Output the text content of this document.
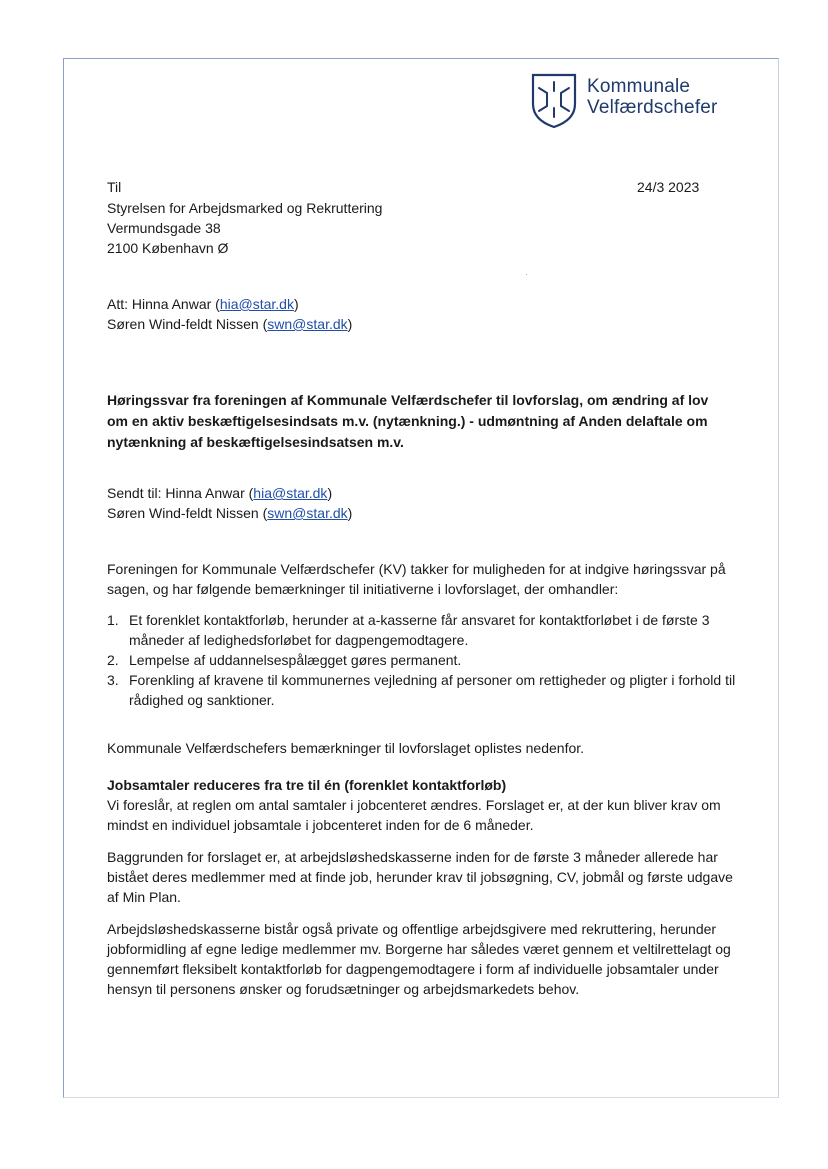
Kommunale
Velfærdschefer
24/3 2023
Til
Styrelsen for Arbejdsmarked og Rekruttering
Vermundsgade 38
2100 København Ø
Att: Hinna Anwar (hia@star.dk)
Søren Wind-feldt Nissen (swn@star.dk)
Høringssvar fra foreningen af Kommunale Velfærdschefer til lovforslag, om ændring af lov om en aktiv beskæftigelsesindsats m.v. (nytænkning.) - udmøntning af Anden delaftale om nytænkning af beskæftigelsesindsatsen m.v.
Sendt til: Hinna Anwar (hia@star.dk)
Søren Wind-feldt Nissen (swn@star.dk)
Foreningen for Kommunale Velfærdschefer (KV) takker for muligheden for at indgive høringssvar på sagen, og har følgende bemærkninger til initiativerne i lovforslaget, der omhandler:
1. Et forenklet kontaktforløb, herunder at a-kasserne får ansvaret for kontaktforløbet i de første 3 måneder af ledighedsforløbet for dagpengemodtagere.
2. Lempelse af uddannelsespålægget gøres permanent.
3. Forenkling af kravene til kommunernes vejledning af personer om rettigheder og pligter i forhold til rådighed og sanktioner.
Kommunale Velfærdschefers bemærkninger til lovforslaget oplistes nedenfor.
Jobsamtaler reduceres fra tre til én (forenklet kontaktforløb)
Vi foreslår, at reglen om antal samtaler i jobcenteret ændres. Forslaget er, at der kun bliver krav om mindst en individuel jobsamtale i jobcenteret inden for de 6 måneder.
Baggrunden for forslaget er, at arbejdsløshedskasserne inden for de første 3 måneder allerede har bistået deres medlemmer med at finde job, herunder krav til jobsøgning, CV, jobmål og første udgave af Min Plan.
Arbejdsløshedskasserne bistår også private og offentlige arbejdsgivere med rekruttering, herunder jobformidling af egne ledige medlemmer mv. Borgerne har således været gennem et veltilrettelagt og gennemført fleksibelt kontaktforløb for dagpengemodtagere i form af individuelle jobsamtaler under hensyn til personens ønsker og forudsætninger og arbejdsmarkedets behov.
